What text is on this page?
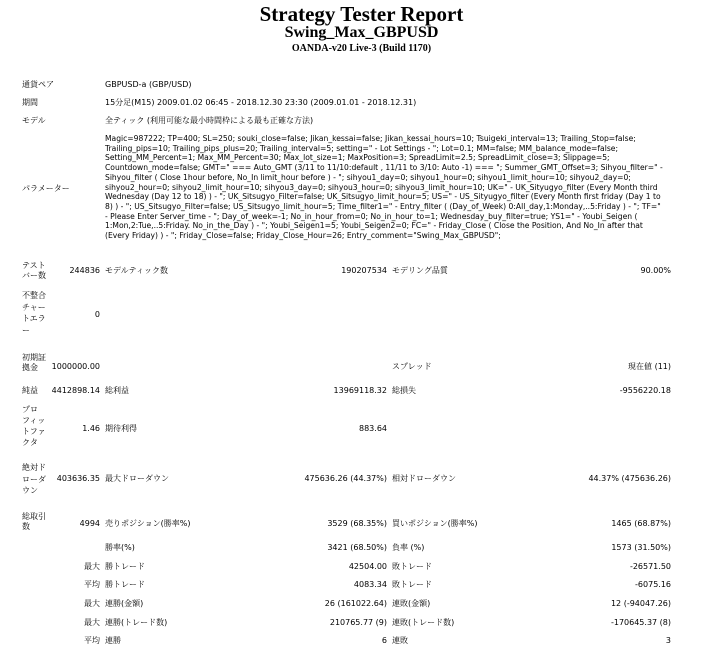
Strategy Tester Report
Swing_Max_GBPUSD
OANDA-v20 Live-3 (Build 1170)
通貨ペア	GBPUSD-a (GBP/USD)
期間	15分足(M15) 2009.01.02 06:45 - 2018.12.30 23:30 (2009.01.01 - 2018.12.31)
モデル	全ティック (利用可能な最小時間枠による最も正確な方法)
パラメーター
Magic=987222; TP=400; SL=250; souki_close=false; Jikan_kessai=false; Jikan_kessai_hours=10; Tsuigeki_interval=13; Trailing_Stop=false; Trailing_pips=10; Trailing_pips_plus=20; Trailing_interval=5; setting=" - Lot Settings - "; Lot=0.1; MM=false; MM_balance_mode=false; Setting_MM_Percent=1; Max_MM_Percent=30; Max_lot_size=1; MaxPosition=3; SpreadLimit=2.5; SpreadLimit_close=3; Slippage=5; Countdown_mode=false; GMT=" === Auto_GMT (3/11 to 11/10:default , 11/11 to 3/10: Auto -1) === "; Summer_GMT_Offset=3; Sihyou_filter=" - Sihyou_filter ( Close 1hour before, No_In limit_hour before ) - "; sihyou1_day=0; sihyou1_hour=0; sihyou1_limit_hour=10; sihyou2_day=0; sihyou2_hour=0; sihyou2_limit_hour=10; sihyou3_day=0; sihyou3_hour=0; sihyou3_limit_hour=10; UK=" - UK_Sityugyo_filter (Every Month third Wednesday (Day 12 to 18) ) - "; UK_Sitsugyo_Filter=false; UK_Sitsugyo_limit_hour=5; US=" - US_Sityugyo_filter (Every Month first friday (Day 1 to 8) ) - "; US_Sitsugyo_Filter=false; US_Sitsugyo_limit_hour=5; Time_filter1=" - Entry_filter ( (Day_of_Week) 0:All_day,1:Monday,..5:Friday ) - "; TF=" - Please Enter Server_time - "; Day_of_week=-1; No_in_hour_from=0; No_in_hour_to=1; Wednesday_buy_filter=true; YS1=" - Youbi_Seigen ( 1:Mon,2:Tue,..5:Friday. No_in_the_Day ) - "; Youbi_Seigen1=5; Youbi_Seigen2=0; FC=" - Friday_Close ( Close the Position, And No_In after that (Every Friday) ) - "; Friday_Close=false; Friday_Close_Hour=26; Entry_comment="Swing_Max_GBPUSD";
テスト
バー数
244836 モデルティック数	190207534 モデリング品質	90.00%
不整合
チャー
トエラ
ー
0
初期証
拠金	1000000.00	スプレッド	現在値 (11)
純益	4412898.14 総利益	13969118.32 総損失	-9556220.18
プロ
フィッ
トファ
クタ
1.46 期待利得	883.64
絶対ド
ローダ
ウン
403636.35 最大ドローダウン	475636.26 (44.37%) 相対ドローダウン	44.37% (475636.26)
総取引
数	4994 売りポジション(勝率%)	3529 (68.35%) 買いポジション(勝率%)	1465 (68.87%)
勝率(%)	3421 (68.50%) 負率 (%)	1573 (31.50%)
最大 勝トレード	42504.00 敗トレード	-26571.50
平均 勝トレード	4083.34 敗トレード	-6075.16
最大 連勝(金額)	26 (161022.64) 連敗(金額)	12 (-94047.26)
最大 連勝(トレード数)	210765.77 (9) 連敗(トレード数)	-170645.37 (8)
平均 連勝	6 連敗	3
